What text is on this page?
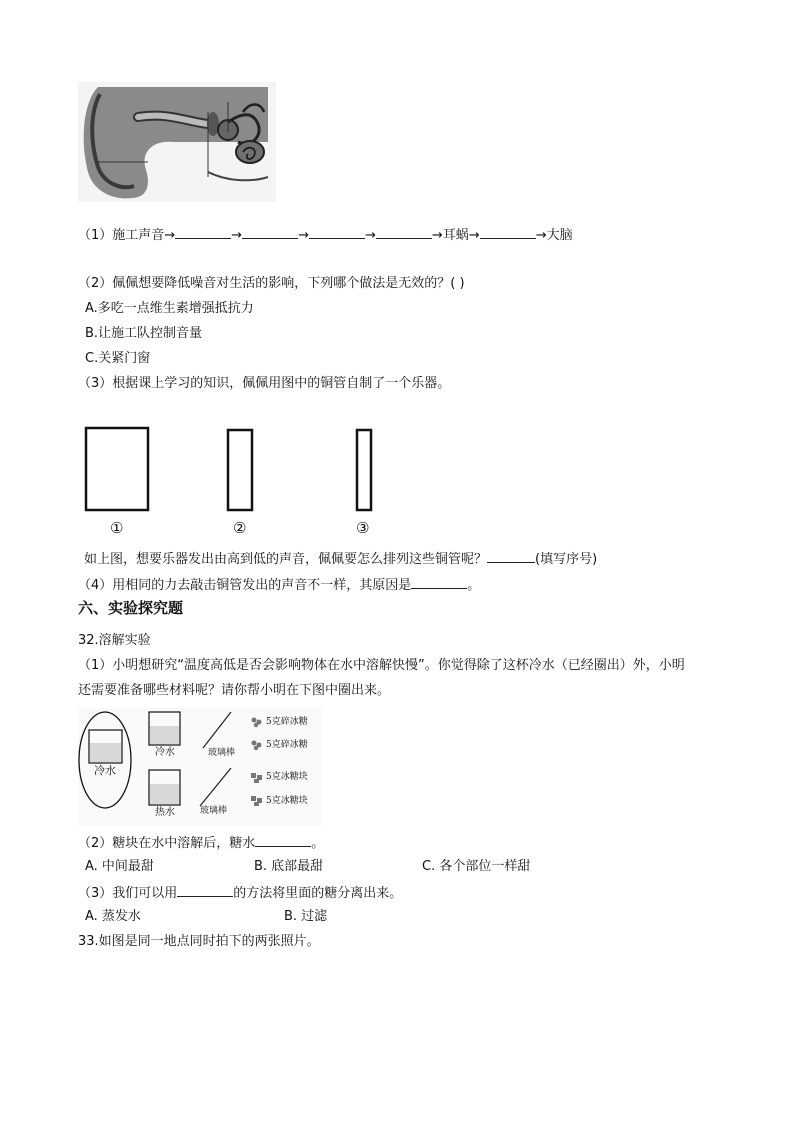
（1）施工声音→	→	→	→	→耳蜗→	→大脑
（2）佩佩想要降低噪音对生活的影响，下列哪个做法是无效的？( )
A.多吃一点维生素增强抵抗力
B.让施工队控制音量
C.关紧门窗
（3）根据课上学习的知识，佩佩用图中的铜管自制了一个乐器。
①	②	③
如上图，想要乐器发出由高到低的声音，佩佩要怎么排列这些铜管呢？	(填写序号)
（4）用相同的力去敲击铜管发出的声音不一样，其原因是	。
六、实验探究题
32.溶解实验
（1）小明想研究“温度高低是否会影响物体在水中溶解快慢”。你觉得除了这杯冷水（已经圈出）外，小明
还需要准备哪些材料呢？请你帮小明在下图中圈出来。
冷水
冷水
热水
玻璃棒
玻璃棒
5克碎冰糖
5克碎冰糖
5克冰糖块
5克冰糖块
（2）糖块在水中溶解后，糖水	。
A. 中间最甜	B. 底部最甜	C. 各个部位一样甜
（3）我们可以用	的方法将里面的糖分离出来。
A. 蒸发水	B. 过滤
33.如图是同一地点同时拍下的两张照片。
